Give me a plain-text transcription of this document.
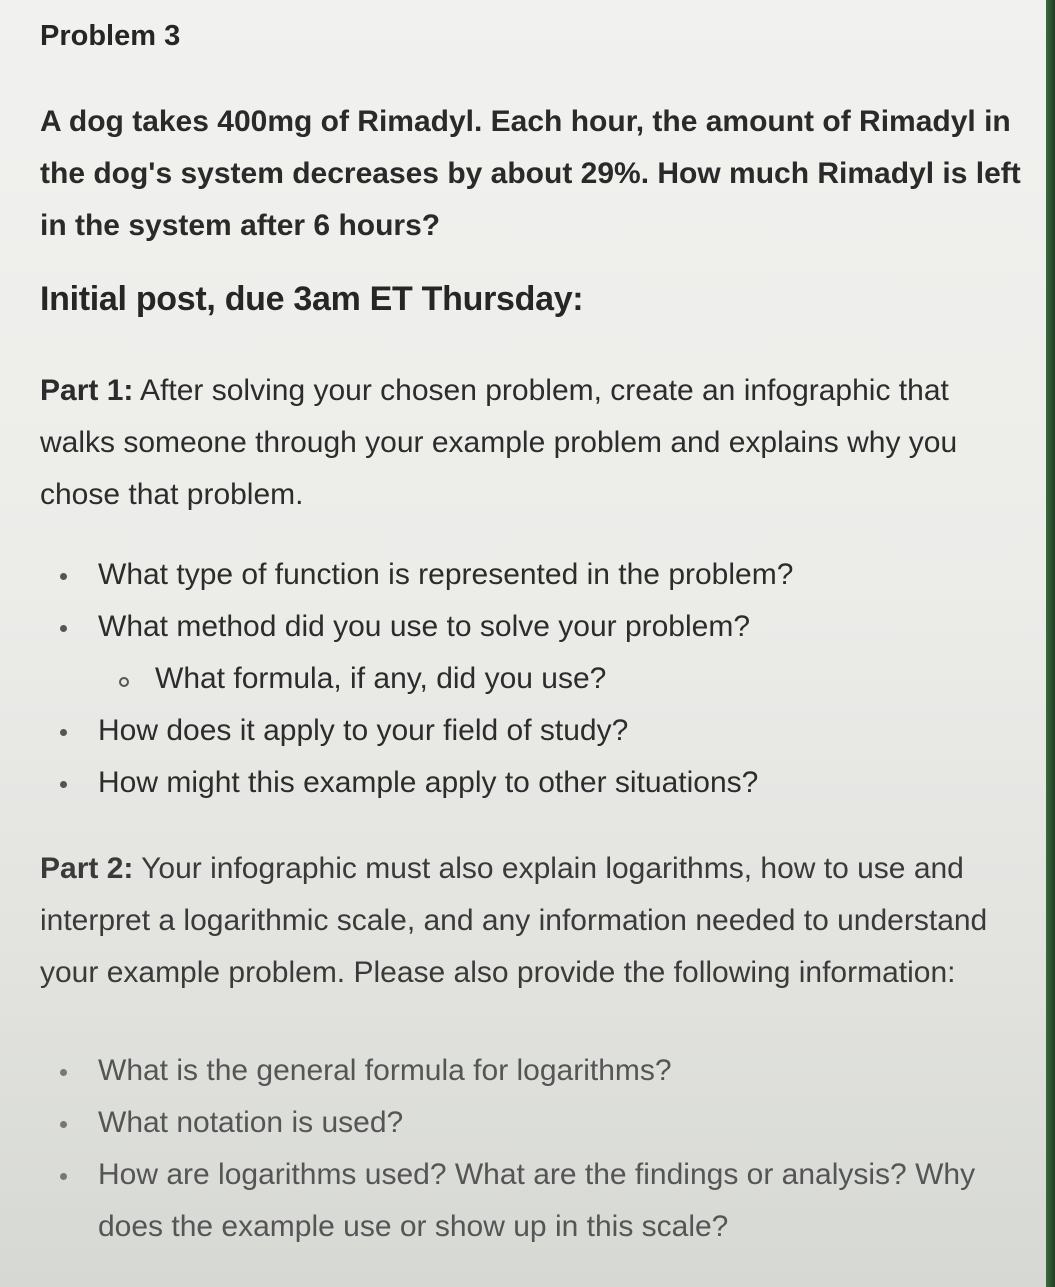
Problem 3

A dog takes 400mg of Rimadyl. Each hour, the amount of Rimadyl in the dog's system decreases by about 29%. How much Rimadyl is left in the system after 6 hours?

Initial post, due 3am ET Thursday:

Part 1: After solving your chosen problem, create an infographic that walks someone through your example problem and explains why you chose that problem.

What type of function is represented in the problem?
What method did you use to solve your problem?
What formula, if any, did you use?
How does it apply to your field of study?
How might this example apply to other situations?

Part 2: Your infographic must also explain logarithms, how to use and interpret a logarithmic scale, and any information needed to understand your example problem. Please also provide the following information:

What is the general formula for logarithms?
What notation is used?
How are logarithms used? What are the findings or analysis? Why does the example use or show up in this scale?
